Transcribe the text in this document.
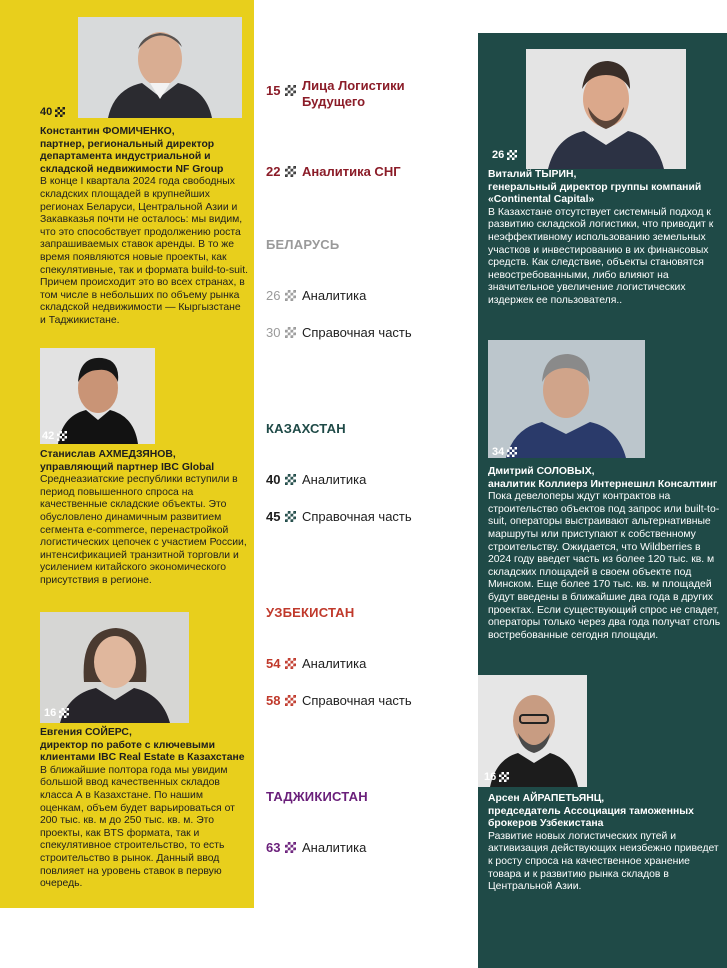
40
Константин ФОМИЧЕНКО,
партнер, региональный директор департамента индустриальной и складской недвижимости NF Group
В конце I квартала 2024 года свободных складских площадей в крупнейших регионах Беларуси, Центральной Азии и Закавказья почти не осталось: мы видим, что это способствует продолжению роста запрашиваемых ставок аренды. В то же время появляются новые проекты, как спекулятивные, так и формата build-to-suit. Причем происходит это во всех странах, в том числе в небольших по объему рынка складской недвижимости — Кыргызстане и Таджикистане.
42
Станислав АХМЕДЗЯНОВ,
управляющий партнер IBC Global
Среднеазиатские республики вступили в период повышенного спроса на качественные складские объекты. Это обусловлено динамичным развитием сегмента e-commerce, перенастройкой логистических цепочек с участием России, интенсификацией транзитной торговли и усилением китайского экономического присутствия в регионе.
16
Евгения СОЙЕРС,
директор по работе с ключевыми клиентами IBC Real Estate в Казахстане
В ближайшие полтора года мы увидим большой ввод качественных складов класса А в Казахстане. По нашим оценкам, объем будет варьироваться от 200 тыс. кв. м до 250 тыс. кв. м. Это проекты, как BTS формата, так и спекулятивное строительство, то есть строительство в рынок. Данный ввод повлияет на уровень ставок в первую очередь.
26
Виталий ТЫРИН,
генеральный директор группы компаний «Continental Capital»
В Казахстане отсутствует системный подход к развитию складской логистики, что приводит к неэффективному использованию земельных участков и инвестированию в их финансовых средств. Как следствие, объекты становятся невостребованными, либо влияют на значительное увеличение логистических издержек ее пользователя..
34
Дмитрий СОЛОВЫХ,
аналитик Коллиерз Интернешнл Консалтинг
Пока девелоперы ждут контрактов на строительство объектов под запрос или built-to-suit, операторы выстраивают альтернативные маршруты или приступают к собственному строительству. Ожидается, что Wildberries в 2024 году введет часть из более 120 тыс. кв. м складских площадей в своем объекте под Минском. Еще более 170 тыс. кв. м площадей будут введены в ближайшие два года в других проектах. Если существующий спрос не спадет, операторы только через два года получат столь востребованные сегодня площади.
16
Арсен АЙРАПЕТЬЯНЦ,
председатель Ассоциация таможенных брокеров Узбекистана
Развитие новых логистических путей и активизация действующих неизбежно приведет к росту спроса на качественное хранение товара и к развитию рынка складов в Центральной Азии.
15 Лица Логистики Будущего
22 Аналитика СНГ
БЕЛАРУСЬ
26 Аналитика
30 Справочная часть
КАЗАХСТАН
40 Аналитика
45 Справочная часть
УЗБЕКИСТАН
54 Аналитика
58 Справочная часть
ТАДЖИКИСТАН
63 Аналитика
